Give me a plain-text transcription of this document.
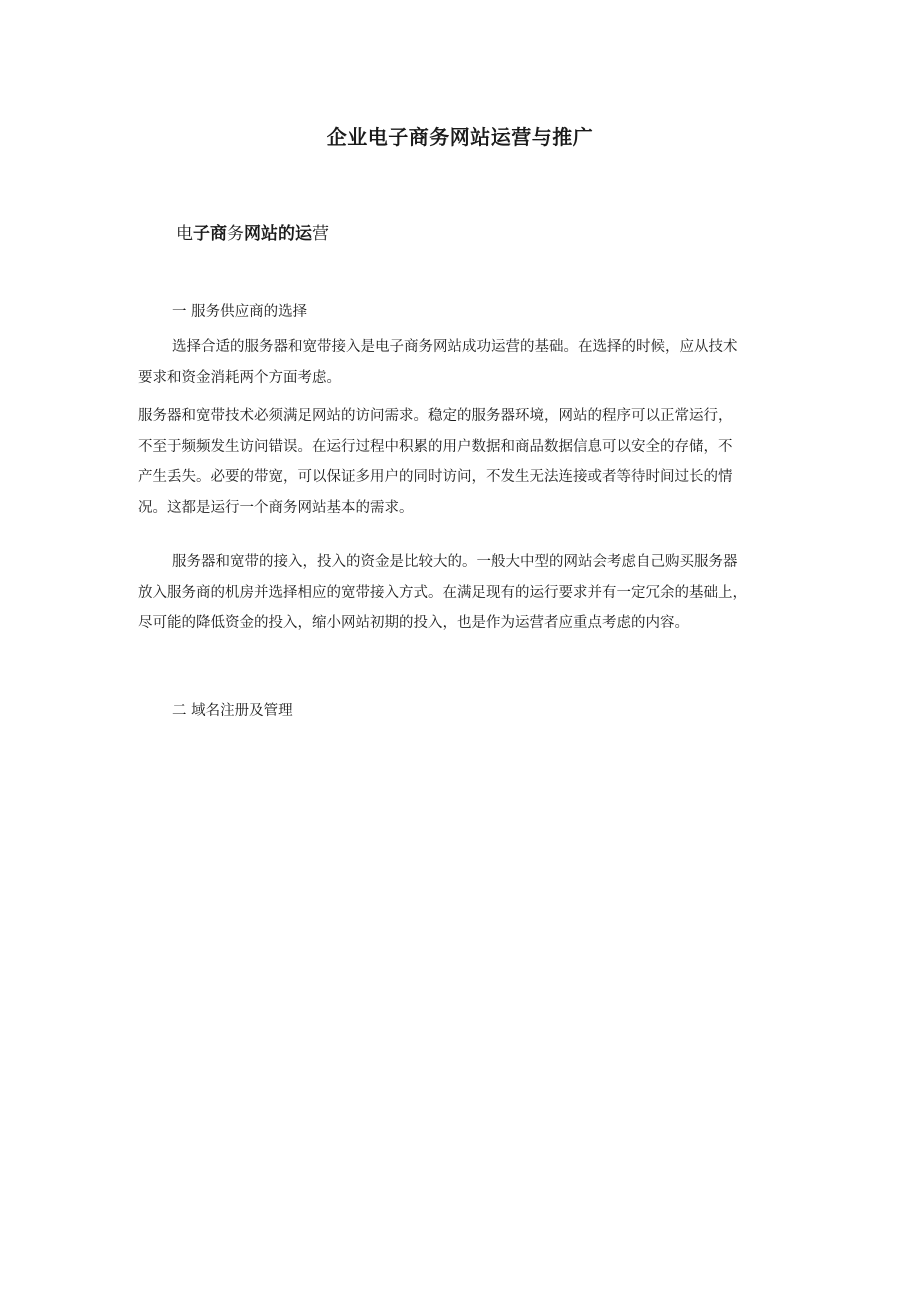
企业电子商务网站运营与推广
电子商务网站的运营
一 服务供应商的选择

选择合适的服务器和宽带接入是电子商务网站成功运营的基础。在选择的时候，应从技术
要求和资金消耗两个方面考虑。

服务器和宽带技术必须满足网站的访问需求。稳定的服务器环境，网站的程序可以正常运行，
不至于频频发生访问错误。在运行过程中积累的用户数据和商品数据信息可以安全的存储，不
产生丢失。必要的带宽，可以保证多用户的同时访问，不发生无法连接或者等待时间过长的情
况。这都是运行一个商务网站基本的需求。

服务器和宽带的接入，投入的资金是比较大的。一般大中型的网站会考虑自己购买服务器
放入服务商的机房并选择相应的宽带接入方式。在满足现有的运行要求并有一定冗余的基础上，
尽可能的降低资金的投入，缩小网站初期的投入，也是作为运营者应重点考虑的内容。

二 域名注册及管理
